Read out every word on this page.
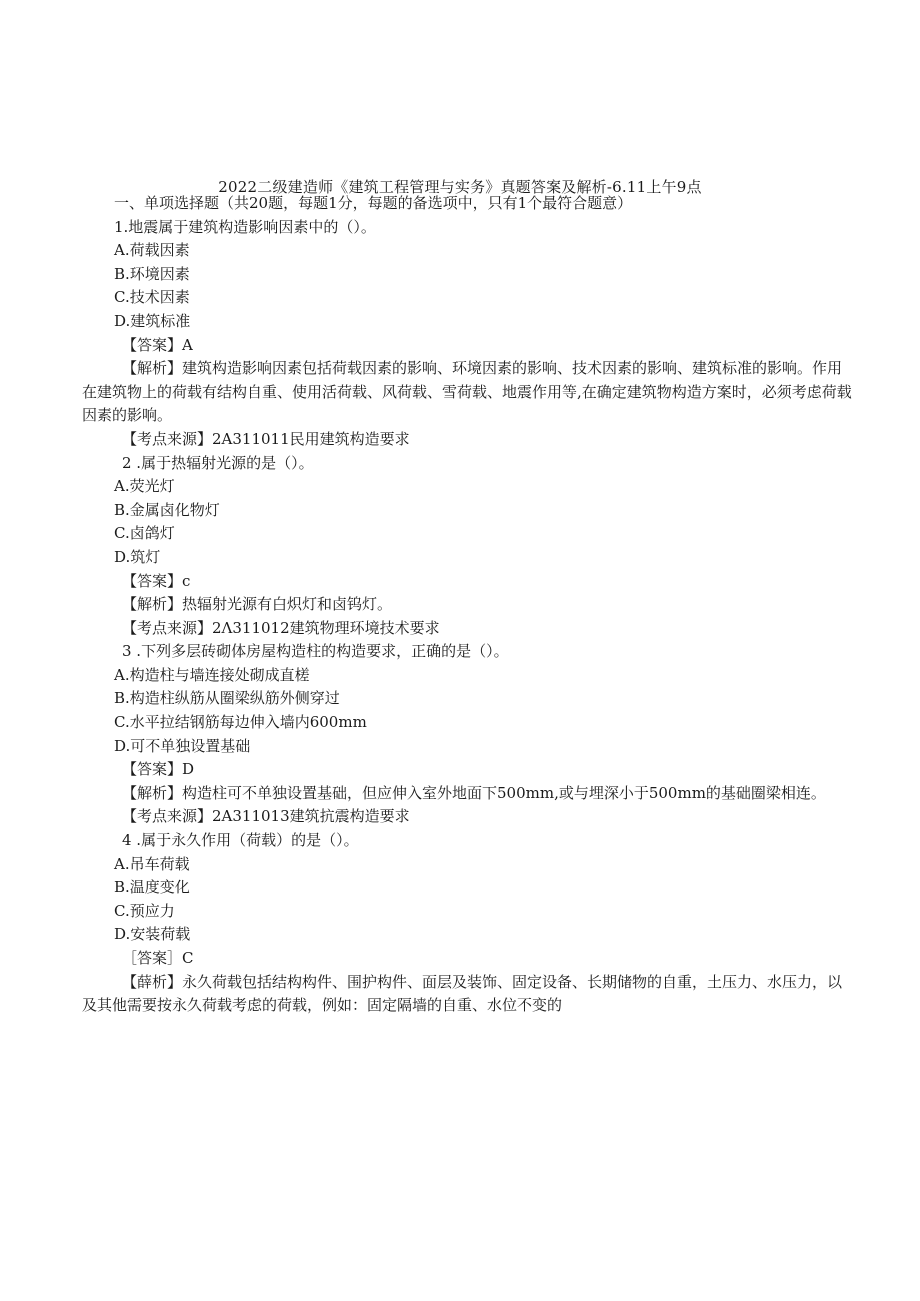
2022二级建造师《建筑工程管理与实务》真题答案及解析-6.11上午9点
一、单项选择题（共20题，每题1分，每题的备选项中，只有1个最符合题意）
1.地震属于建筑构造影响因素中的（）。
A.荷载因素
B.环境因素
C.技术因素
D.建筑标准
【答案】A
【解析】建筑构造影响因素包括荷载因素的影响、环境因素的影响、技术因素的影响、建筑标准的影响。作用在建筑物上的荷载有结构自重、使用活荷载、风荷载、雪荷载、地震作用等,在确定建筑物构造方案时，必须考虑荷载因素的影响。
【考点来源】2A311011民用建筑构造要求
2 .属于热辐射光源的是（）。
A.荧光灯
B.金属卤化物灯
C.卤鸽灯
D.筑灯
【答案】c
【解析】热辐射光源有白炽灯和卤钨灯。
【考点来源】2Λ311012建筑物理环境技术要求
3 .下列多层砖砌体房屋构造柱的构造要求，正确的是（）。
A.构造柱与墙连接处砌成直槎
B.构造柱纵筋从圈梁纵筋外侧穿过
C.水平拉结钢筋每边伸入墙内600mm
D.可不单独设置基础
【答案】D
【解析】构造柱可不单独设置基础，但应伸入室外地面下500mm,或与埋深小于500mm的基础圈梁相连。
【考点来源】2A311013建筑抗震构造要求
4 .属于永久作用（荷载）的是（）。
A.吊车荷载
B.温度变化
C.预应力
D.安装荷载
［答案］C
【薛析】永久荷载包括结构构件、围护构件、面层及装饰、固定设备、长期储物的自重，土压力、水压力，以及其他需要按永久荷载考虑的荷载，例如：固定隔墙的自重、水位不变的
